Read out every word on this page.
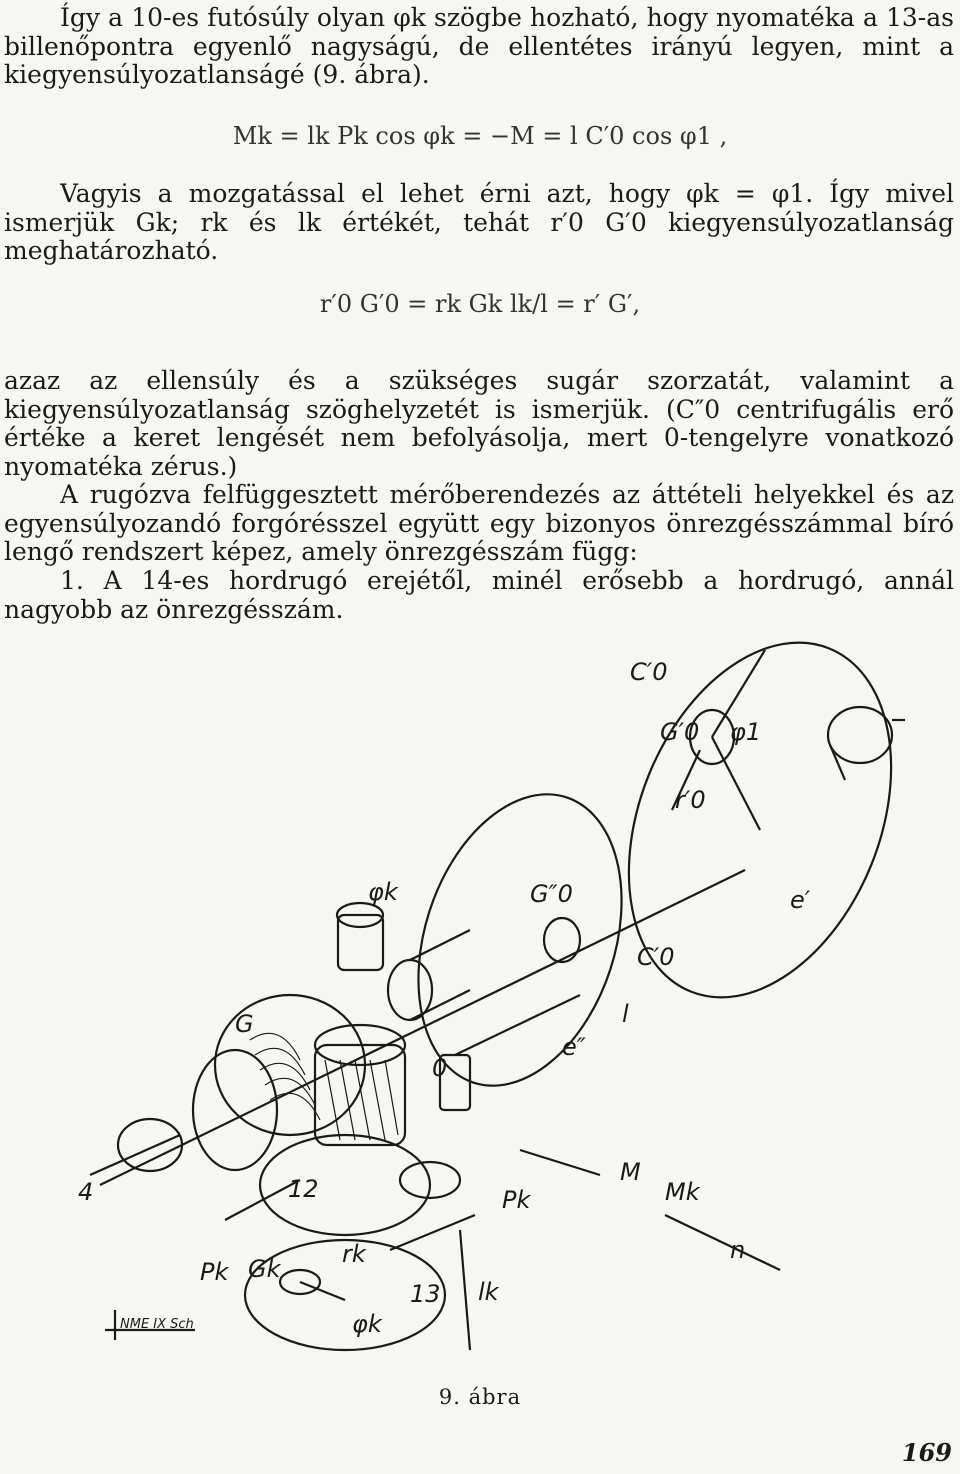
Így a 10-es futósúly olyan φk szögbe hozható, hogy nyomatéka a 13-as billenőpontra egyenlő nagyságú, de ellentétes irányú legyen, mint a kiegyensúlyozatlanságé (9. ábra).

Mk = lk Pk cos φk = −M = l C′0 cos φ1 ,

Vagyis a mozgatással el lehet érni azt, hogy φk = φ1. Így mivel ismerjük Gk; rk és lk értékét, tehát r′0 G′0 kiegyensúlyozatlanság meghatározható.

r′0 G′0 = rk Gk lk/l = r′ G′,

azaz az ellensúly és a szükséges sugár szorzatát, valamint a kiegyensúlyozatlanság szöghelyzetét is ismerjük. (C″0 centrifugális erő értéke a keret lengését nem befolyásolja, mert 0-tengelyre vonatkozó nyomatéka zérus.)

A rugózva felfüggesztett mérőberendezés az áttételi helyekkel és az egyensúlyozandó forgórésszel együtt egy bizonyos önrezgésszámmal bíró lengő rendszert képez, amely önrezgésszám függ:

1. A 14-es hordrugó erejétől, minél erősebb a hordrugó, annál nagyobb az önrezgésszám.

C′0
G′0 φ1
r′0
e′
φk	G″0
C′0
l
e″
G
0
M
Mk
n
Pk
4	12
Pk Gk
rk
13 lk
φk
NME IX Sch
9. ábra
169
